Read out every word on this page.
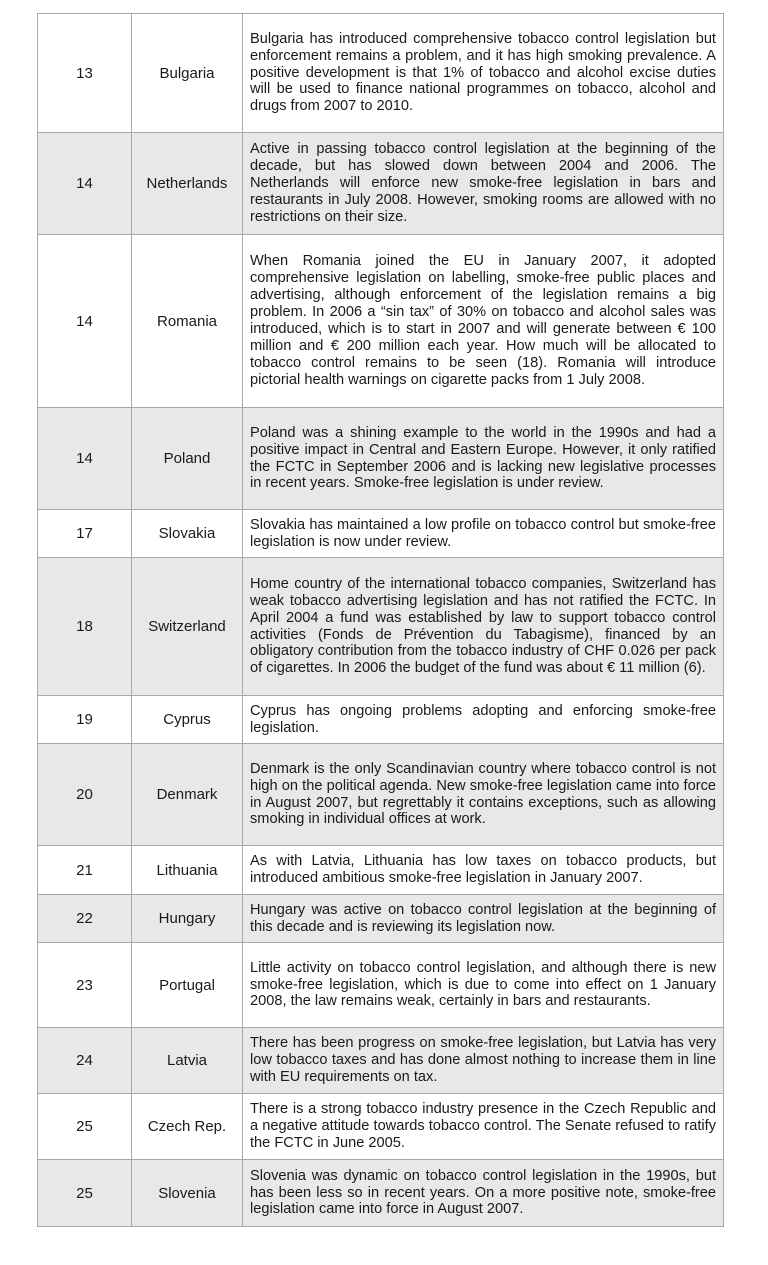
13	Bulgaria	Bulgaria has introduced comprehensive tobacco control legislation but enforcement remains a problem, and it has high smoking prevalence. A positive development is that 1% of tobacco and alcohol excise duties will be used to finance national programmes on tobacco, alcohol and drugs from 2007 to 2010.
14	Netherlands	Active in passing tobacco control legislation at the beginning of the decade, but has slowed down between 2004 and 2006. The Netherlands will enforce new smoke-free legislation in bars and restaurants in July 2008. However, smoking rooms are allowed with no restrictions on their size.
14	Romania	When Romania joined the EU in January 2007, it adopted comprehensive legislation on labelling, smoke-free public places and advertising, although enforcement of the legislation remains a big problem. In 2006 a “sin tax” of 30% on tobacco and alcohol sales was introduced, which is to start in 2007 and will generate between € 100 million and € 200 million each year. How much will be allocated to tobacco control remains to be seen (18). Romania will introduce pictorial health warnings on cigarette packs from 1 July 2008.
14	Poland	Poland was a shining example to the world in the 1990s and had a positive impact in Central and Eastern Europe. However, it only ratified the FCTC in September 2006 and is lacking new legislative processes in recent years. Smoke-free legislation is under review.
17	Slovakia	Slovakia has maintained a low profile on tobacco control but smoke-free legislation is now under review.
18	Switzerland	Home country of the international tobacco companies, Switzerland has weak tobacco advertising legislation and has not ratified the FCTC. In April 2004 a fund was established by law to support tobacco control activities (Fonds de Prévention du Tabagisme), financed by an obligatory contribution from the tobacco industry of CHF 0.026 per pack of cigarettes. In 2006 the budget of the fund was about € 11 million (6).
19	Cyprus	Cyprus has ongoing problems adopting and enforcing smoke-free legislation.
20	Denmark	Denmark is the only Scandinavian country where tobacco control is not high on the political agenda. New smoke-free legislation came into force in August 2007, but regrettably it contains exceptions, such as allowing smoking in individual offices at work.
21	Lithuania	As with Latvia, Lithuania has low taxes on tobacco products, but introduced ambitious smoke-free legislation in January 2007.
22	Hungary	Hungary was active on tobacco control legislation at the beginning of this decade and is reviewing its legislation now.
23	Portugal	Little activity on tobacco control legislation, and although there is new smoke-free legislation, which is due to come into effect on 1 January 2008, the law remains weak, certainly in bars and restaurants.
24	Latvia	There has been progress on smoke-free legislation, but Latvia has very low tobacco taxes and has done almost nothing to increase them in line with EU requirements on tax.
25	Czech Rep.	There is a strong tobacco industry presence in the Czech Republic and a negative attitude towards tobacco control. The Senate refused to ratify the FCTC in June 2005.
25	Slovenia	Slovenia was dynamic on tobacco control legislation in the 1990s, but has been less so in recent years. On a more positive note, smoke-free legislation came into force in August 2007.
